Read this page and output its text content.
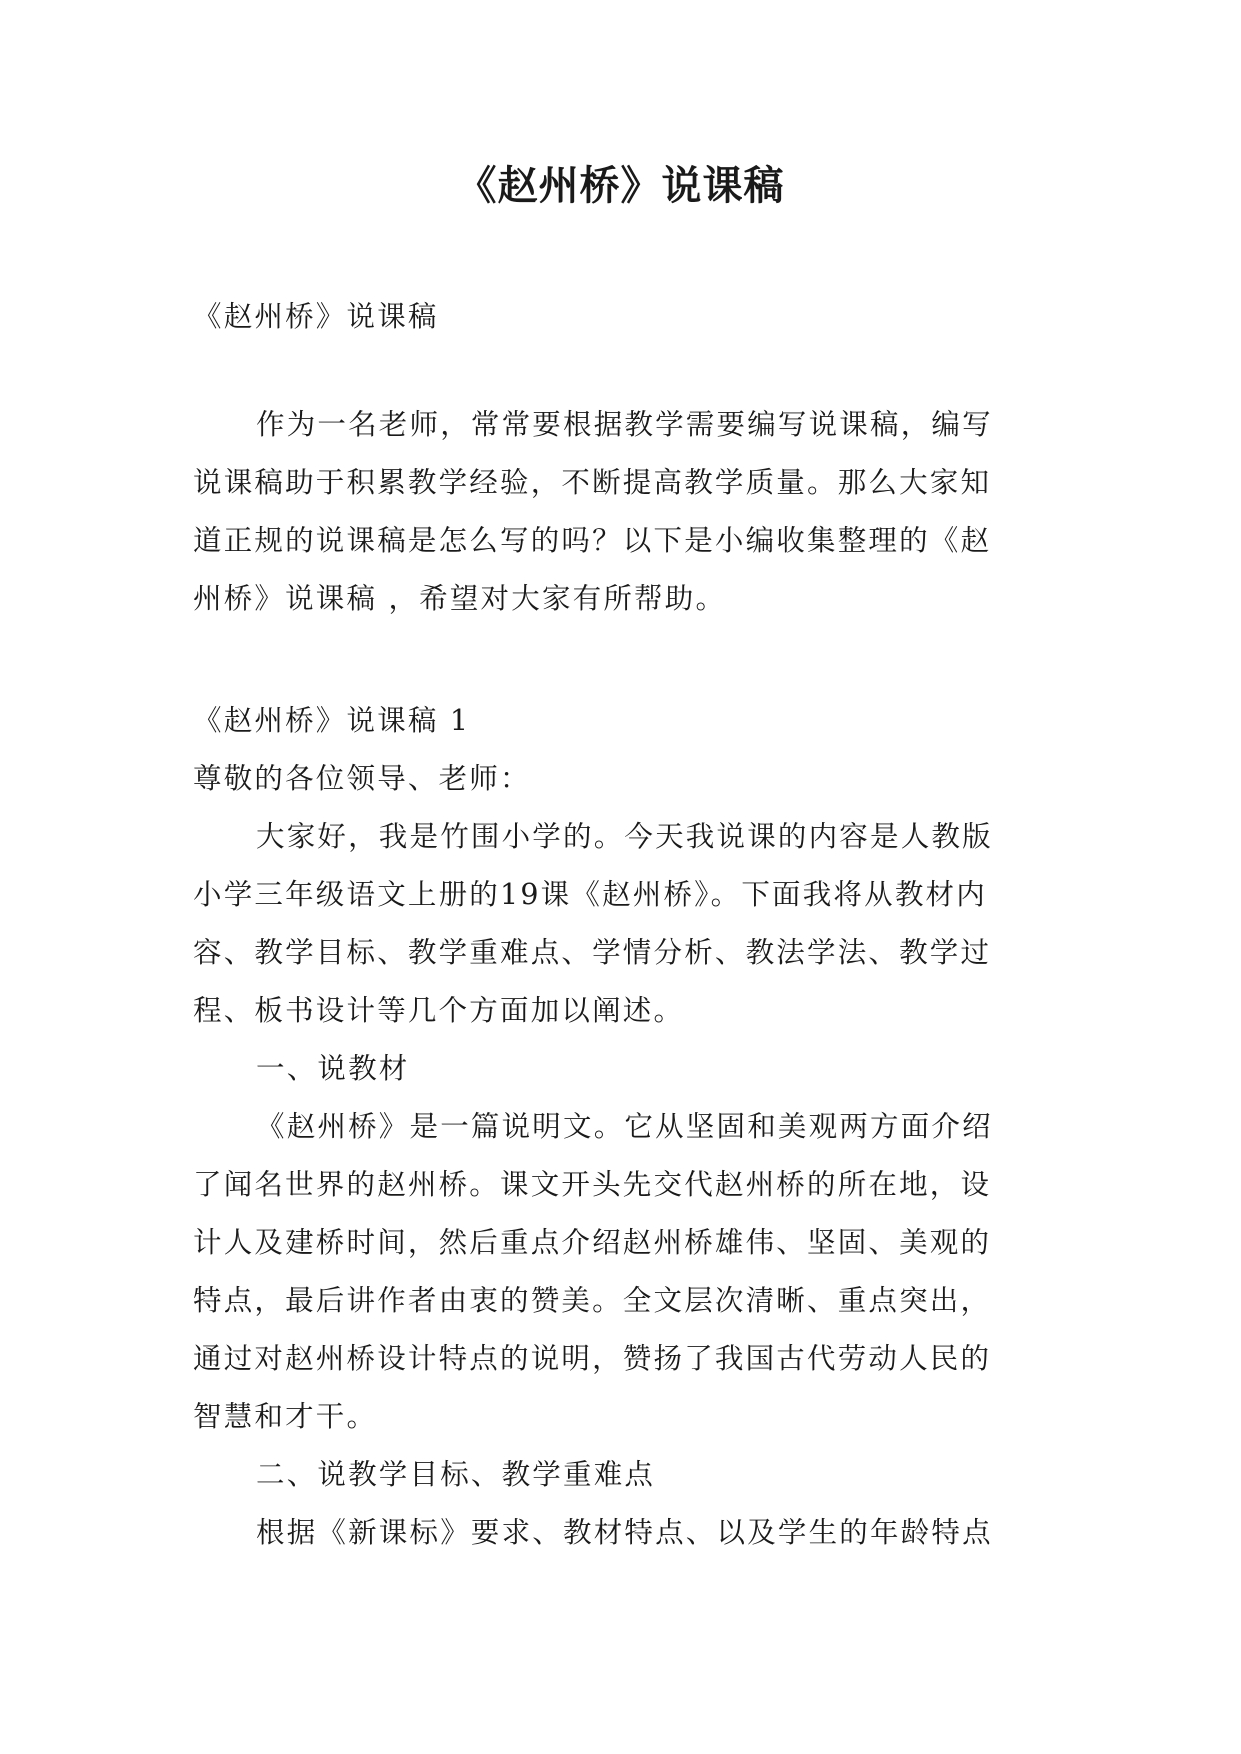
《赵州桥》说课稿
《赵州桥》说课稿
作为一名老师，常常要根据教学需要编写说课稿，编写
说课稿助于积累教学经验，不断提高教学质量。那么大家知
道正规的说课稿是怎么写的吗？以下是小编收集整理的《赵
州桥》说课稿 ，希望对大家有所帮助。
《赵州桥》说课稿 1
尊敬的各位领导、老师：
大家好，我是竹围小学的。今天我说课的内容是人教版
小学三年级语文上册的19课《赵州桥》。下面我将从教材内
容、教学目标、教学重难点、学情分析、教法学法、教学过
程、板书设计等几个方面加以阐述。
一、说教材
《赵州桥》是一篇说明文。它从坚固和美观两方面介绍
了闻名世界的赵州桥。课文开头先交代赵州桥的所在地，设
计人及建桥时间，然后重点介绍赵州桥雄伟、坚固、美观的
特点，最后讲作者由衷的赞美。全文层次清晰、重点突出，
通过对赵州桥设计特点的说明，赞扬了我国古代劳动人民的
智慧和才干。
二、说教学目标、教学重难点
根据《新课标》要求、教材特点、以及学生的年龄特点
